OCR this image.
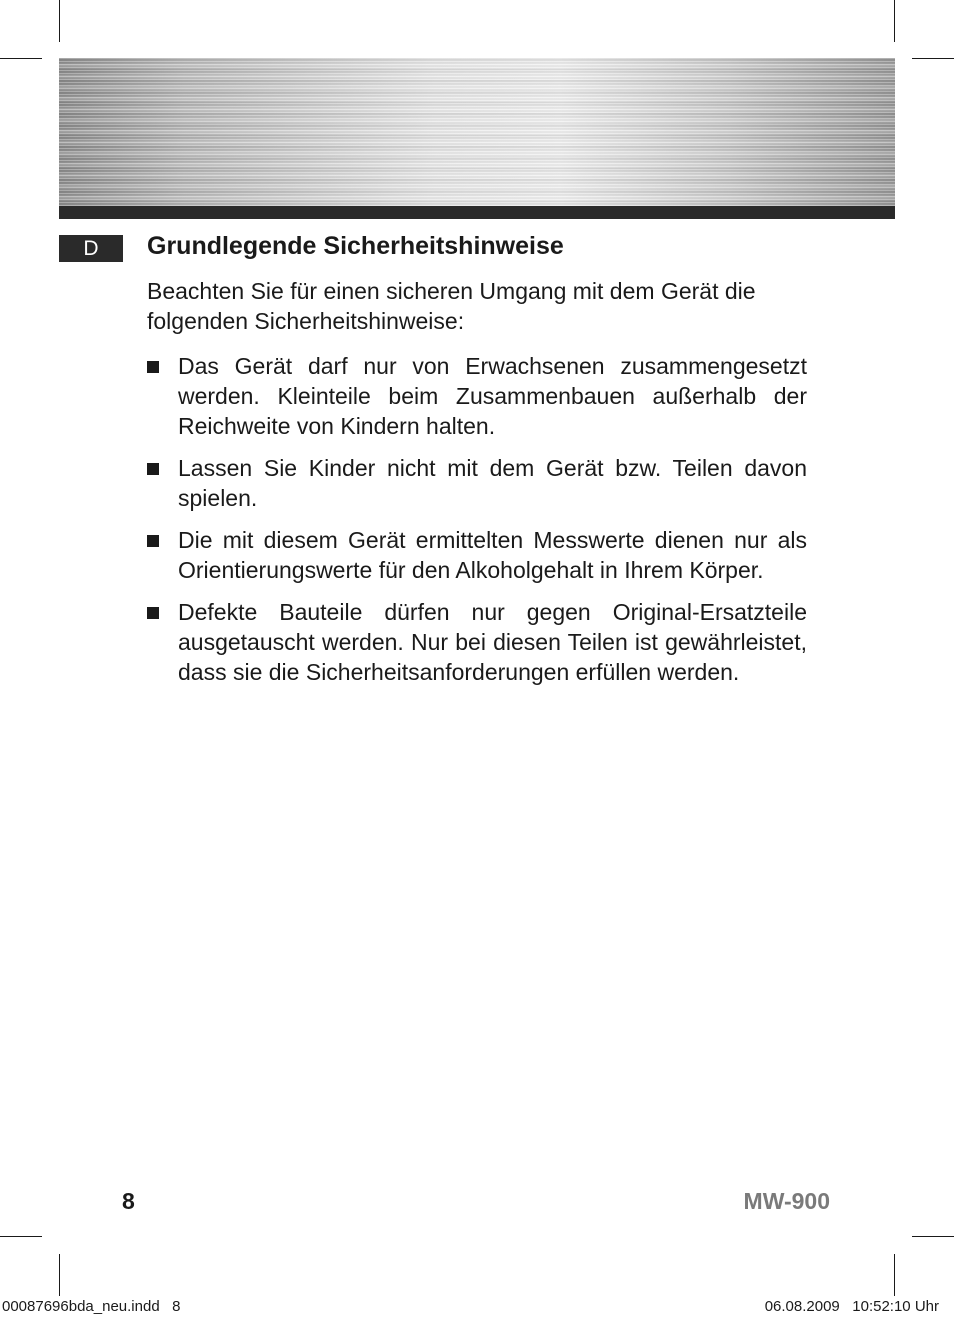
D	Grundlegende Sicherheitshinweise

Beachten Sie für einen sicheren Umgang mit dem Gerät die folgenden Sicherheitshinweise:

Das Gerät darf nur von Erwachsenen zusammengesetzt werden. Kleinteile beim Zusammenbauen außerhalb der Reichweite von Kindern halten.
Lassen Sie Kinder nicht mit dem Gerät bzw. Teilen davon spielen.
Die mit diesem Gerät ermittelten Messwerte dienen nur als Orientierungswerte für den Alkoholgehalt in Ihrem Körper.
Defekte Bauteile dürfen nur gegen Original-Ersatzteile ausgetauscht werden. Nur bei diesen Teilen ist gewährleistet, dass sie die Sicherheitsanforderungen erfüllen werden.
8	MW-900
00087696bda_neu.indd   8	06.08.2009   10:52:10 Uhr
